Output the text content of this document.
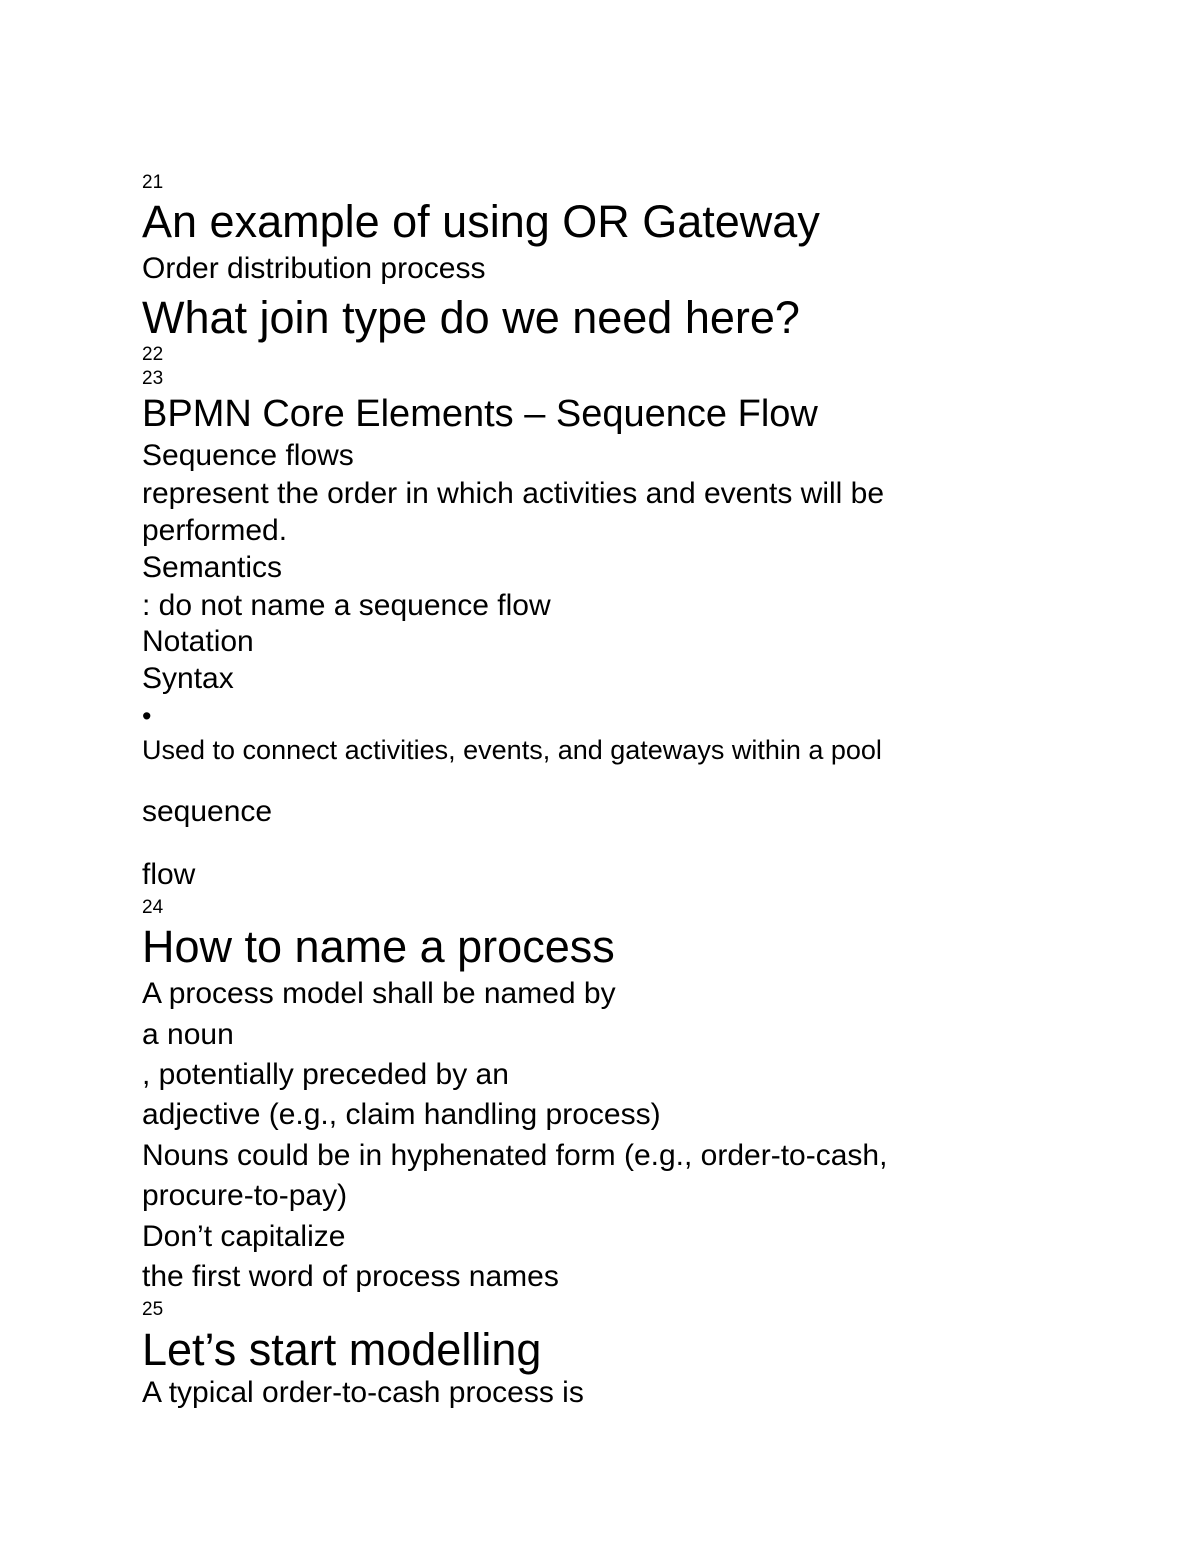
21
An example of using OR Gateway
Order distribution process
What join type do we need here?
22
23
BPMN Core Elements – Sequence Flow
Sequence flows
represent the order in which activities and events will be
performed.
Semantics
: do not name a sequence flow
Notation
Syntax
•
Used to connect activities, events, and gateways within a pool
sequence
flow
24
How to name a process
A process model shall be named by
a noun
, potentially preceded by an
adjective (e.g., claim handling process)
Nouns could be in hyphenated form (e.g., order-to-cash,
procure-to-pay)
Don’t capitalize
the first word of process names
25
Let’s start modelling
A typical order-to-cash process is
